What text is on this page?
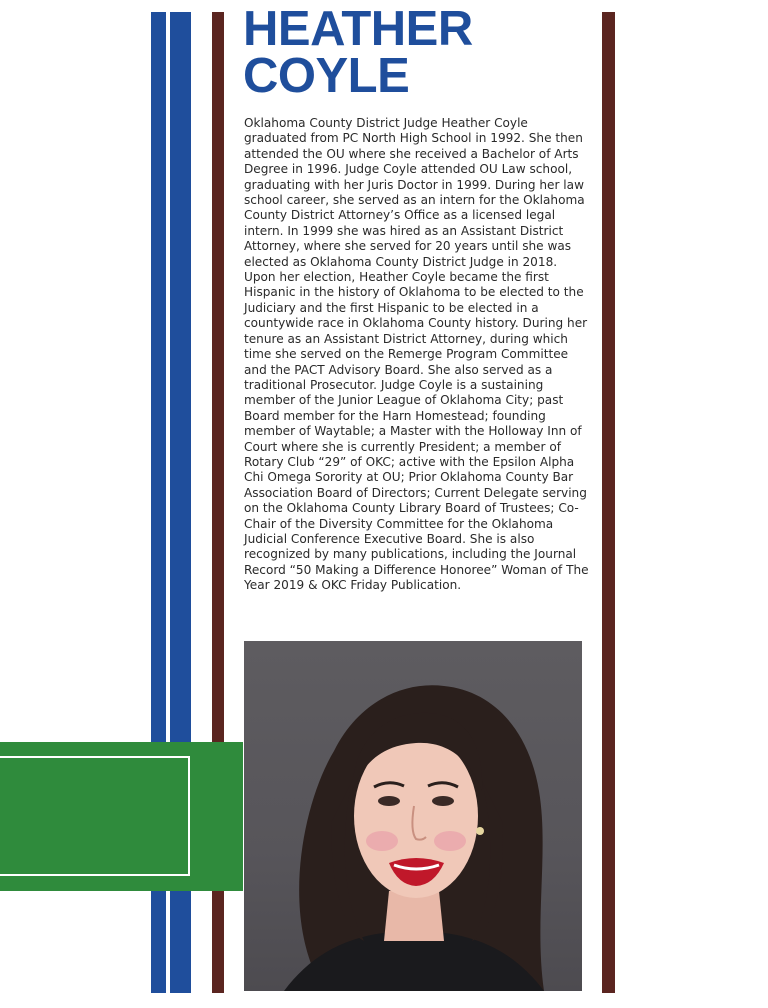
HEATHER
COYLE

Oklahoma County District Judge Heather Coyle graduated from PC North High School in 1992. She then attended the OU where she received a Bachelor of Arts Degree in 1996. Judge Coyle attended OU Law school, graduating with her Juris Doctor in 1999. During her law school career, she served as an intern for the Oklahoma County District Attorney’s Office as a licensed legal intern. In 1999 she was hired as an Assistant District Attorney, where she served for 20 years until she was elected as Oklahoma County District Judge in 2018. Upon her election, Heather Coyle became the first Hispanic in the history of Oklahoma to be elected to the Judiciary and the first Hispanic to be elected in a countywide race in Oklahoma County history. During her tenure as an Assistant District Attorney, during which time she served on the Remerge Program Committee and the PACT Advisory Board. She also served as a traditional Prosecutor. Judge Coyle is a sustaining member of the Junior League of Oklahoma City; past Board member for the Harn Homestead; founding member of Waytable; a Master with the Holloway Inn of Court where she is currently President; a member of Rotary Club “29” of OKC; active with the Epsilon Alpha Chi Omega Sorority at OU; Prior Oklahoma County Bar Association Board of Directors; Current Delegate serving on the Oklahoma County Library Board of Trustees; Co-Chair of the Diversity Committee for the Oklahoma Judicial Conference Executive Board. She is also recognized by many publications, including the Journal Record “50 Making a Difference Honoree” Woman of The Year 2019 & OKC Friday Publication.
